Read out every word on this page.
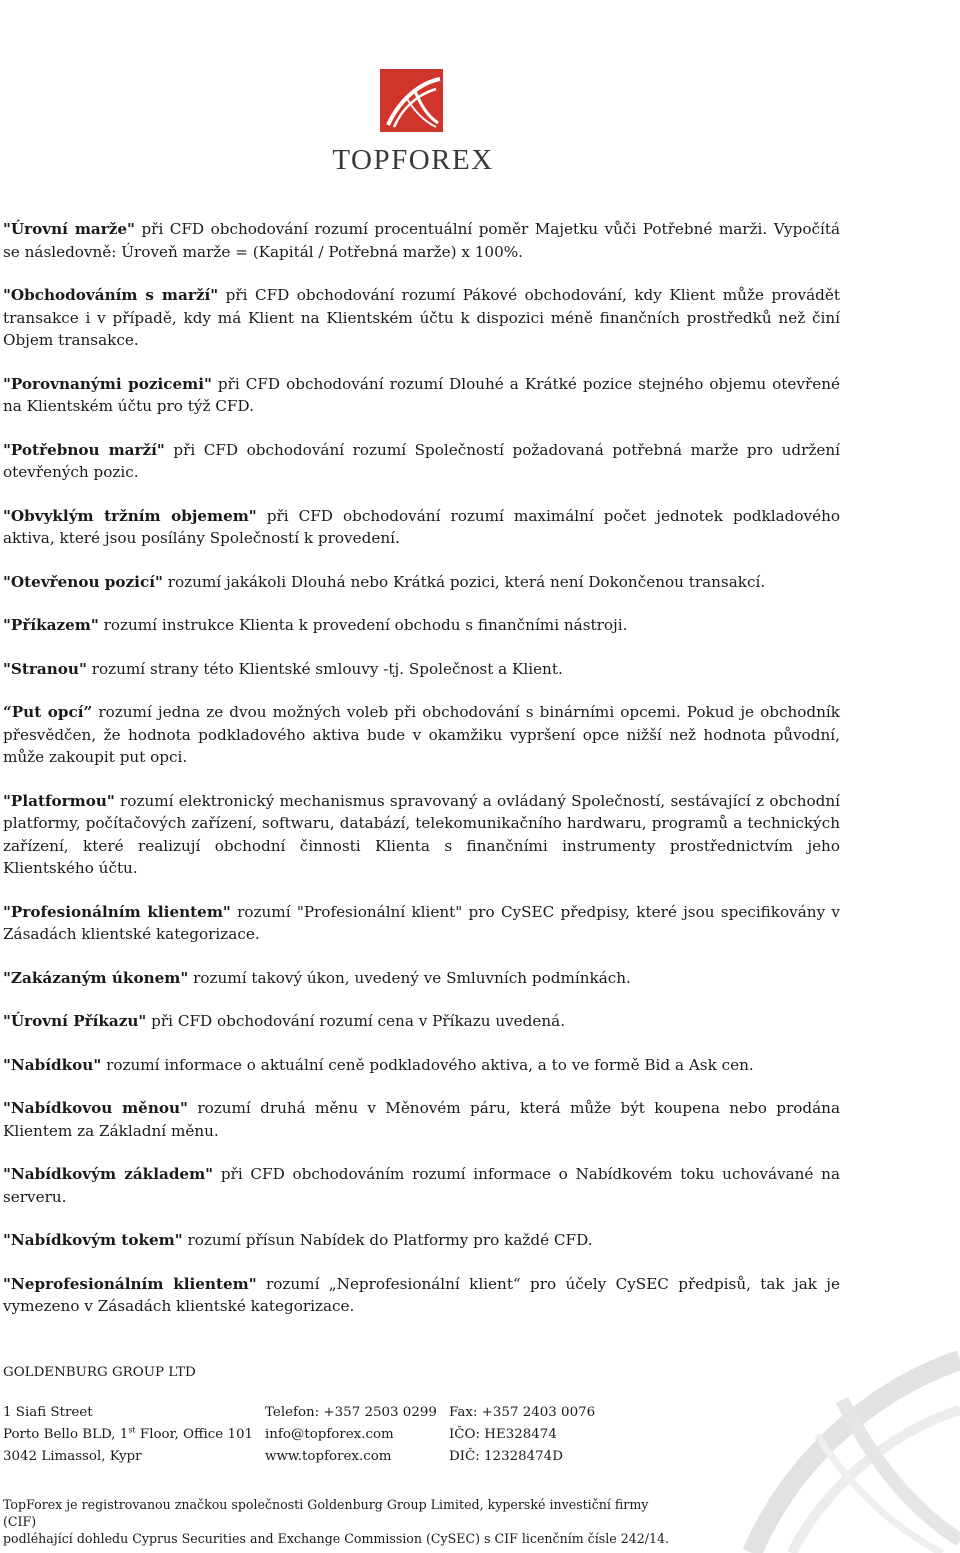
TOPFOREX

"Úrovní marže" při CFD obchodování rozumí procentuální poměr Majetku vůči Potřebné marži. Vypočítá se následovně: Úroveň marže = (Kapitál / Potřebná marže) x 100%.

"Obchodováním s marží" při CFD obchodování rozumí Pákové obchodování, kdy Klient může provádět transakce i v případě, kdy má Klient na Klientském účtu k dispozici méně finančních prostředků než činí Objem transakce.

"Porovnanými pozicemi" při CFD obchodování rozumí Dlouhé a Krátké pozice stejného objemu otevřené na Klientském účtu pro týž CFD.

"Potřebnou marží" při CFD obchodování rozumí Společností požadovaná potřebná marže pro udržení otevřených pozic.

"Obvyklým tržním objemem" při CFD obchodování rozumí maximální počet jednotek podkladového aktiva, které jsou posílány Společností k provedení.

"Otevřenou pozicí" rozumí jakákoli Dlouhá nebo Krátká pozici, která není Dokončenou transakcí.

"Příkazem" rozumí instrukce Klienta k provedení obchodu s finančními nástroji.

"Stranou" rozumí strany této Klientské smlouvy -tj. Společnost a Klient.

“Put opcí” rozumí jedna ze dvou možných voleb při obchodování s binárními opcemi. Pokud je obchodník přesvědčen, že hodnota podkladového aktiva bude v okamžiku vypršení opce nižší než hodnota původní, může zakoupit put opci.

"Platformou" rozumí elektronický mechanismus spravovaný a ovládaný Společností, sestávající z obchodní platformy, počítačových zařízení, softwaru, databází, telekomunikačního hardwaru, programů a technických zařízení, které realizují obchodní činnosti Klienta s finančními instrumenty prostřednictvím jeho Klientského účtu.

"Profesionálním klientem" rozumí "Profesionální klient" pro CySEC předpisy, které jsou specifikovány v Zásadách klientské kategorizace.

"Zakázaným úkonem" rozumí takový úkon, uvedený ve Smluvních podmínkách.

"Úrovní Příkazu" při CFD obchodování rozumí cena v Příkazu uvedená.

"Nabídkou" rozumí informace o aktuální ceně podkladového aktiva, a to ve formě Bid a Ask cen.

"Nabídkovou měnou" rozumí druhá měnu v Měnovém páru, která může být koupena nebo prodána Klientem za Základní měnu.

"Nabídkovým základem" při CFD obchodováním rozumí informace o Nabídkovém toku uchovávané na serveru.

"Nabídkovým tokem" rozumí přísun Nabídek do Platformy pro každé CFD.

"Neprofesionálním klientem" rozumí „Neprofesionální klient“ pro účely CySEC předpisů, tak jak je vymezeno v Zásadách klientské kategorizace.

GOLDENBURG GROUP LTD
1 Siafi Street
Porto Bello BLD, 1st Floor, Office 101
3042 Limassol, Kypr
Telefon: +357 2503 0299
info@topforex.com
www.topforex.com
Fax: +357 2403 0076
IČO: HE328474
DIČ: 12328474D
TopForex je registrovanou značkou společnosti Goldenburg Group Limited, kyperské investiční firmy (CIF)
podléhající dohledu Cyprus Securities and Exchange Commission (CySEC) s CIF licenčním čísle 242/14.
